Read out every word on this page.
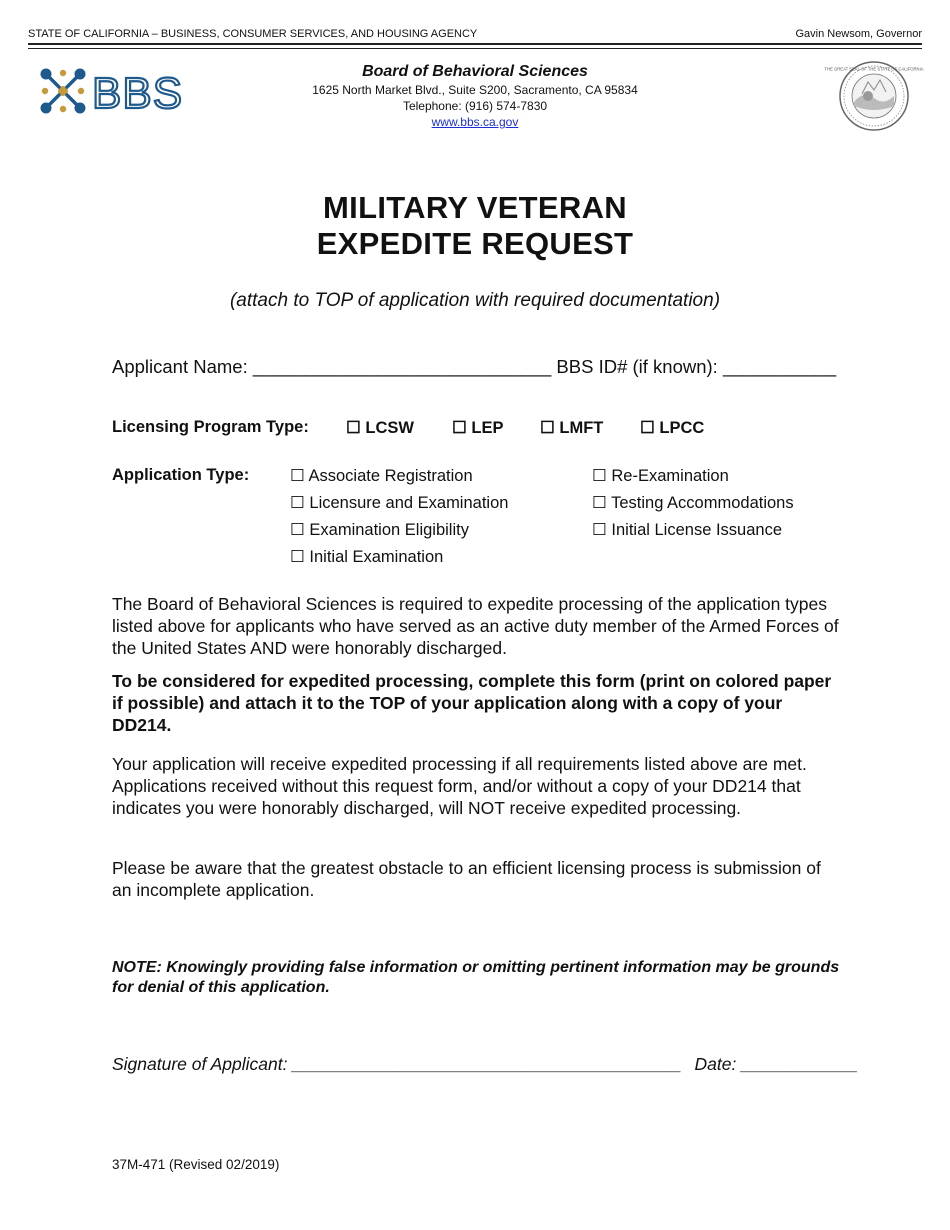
STATE OF CALIFORNIA – BUSINESS, CONSUMER SERVICES, AND HOUSING AGENCY	Gavin Newsom, Governor
BBS	Board of Behavioral Sciences
1625 North Market Blvd., Suite S200, Sacramento, CA 95834
Telephone: (916) 574-7830
www.bbs.ca.gov
THE GREAT SEAL OF THE STATE OF CALIFORNIA
MILITARY VETERAN
EXPEDITE REQUEST
(attach to TOP of application with required documentation)
Applicant Name: _____________________________ BBS ID# (if known): ___________
Licensing Program Type: ☐ LCSW ☐ LEP ☐ LMFT ☐ LPCC
Application Type: ☐ Associate Registration
☐ Licensure and Examination
☐ Examination Eligibility
☐ Initial Examination
☐ Re-Examination
☐ Testing Accommodations
☐ Initial License Issuance
The Board of Behavioral Sciences is required to expedite processing of the application types listed above for applicants who have served as an active duty member of the Armed Forces of the United States AND were honorably discharged.
To be considered for expedited processing, complete this form (print on colored paper if possible) and attach it to the TOP of your application along with a copy of your DD214.
Your application will receive expedited processing if all requirements listed above are met. Applications received without this request form, and/or without a copy of your DD214 that indicates you were honorably discharged, will NOT receive expedited processing.
Please be aware that the greatest obstacle to an efficient licensing process is submission of an incomplete application.
NOTE: Knowingly providing false information or omitting pertinent information may be grounds for denial of this application.
Signature of Applicant: ________________________________________ Date: ____________
37M-471 (Revised 02/2019)
